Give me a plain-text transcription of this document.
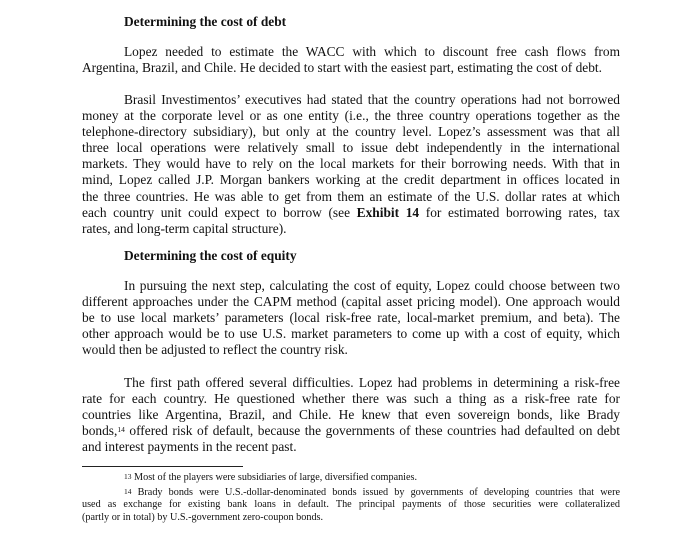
Determining the cost of debt

Lopez needed to estimate the WACC with which to discount free cash flows from
Argentina, Brazil, and Chile. He decided to start with the easiest part, estimating the cost of debt.

Brasil Investimentos’ executives had stated that the country operations had not borrowed
money at the corporate level or as one entity (i.e., the three country operations together as the
telephone-directory subsidiary), but only at the country level. Lopez’s assessment was that all
three local operations were relatively small to issue debt independently in the international
markets. They would have to rely on the local markets for their borrowing needs. With that in
mind, Lopez called J.P. Morgan bankers working at the credit department in offices located in
the three countries. He was able to get from them an estimate of the U.S. dollar rates at which
each country unit could expect to borrow (see Exhibit 14 for estimated borrowing rates, tax
rates, and long-term capital structure).

Determining the cost of equity

In pursuing the next step, calculating the cost of equity, Lopez could choose between two
different approaches under the CAPM method (capital asset pricing model). One approach would
be to use local markets’ parameters (local risk-free rate, local-market premium, and beta). The
other approach would be to use U.S. market parameters to come up with a cost of equity, which
would then be adjusted to reflect the country risk.

The first path offered several difficulties. Lopez had problems in determining a risk-free
rate for each country. He questioned whether there was such a thing as a risk-free rate for
countries like Argentina, Brazil, and Chile. He knew that even sovereign bonds, like Brady
bonds,$^{14}$ offered risk of default, because the governments of these countries had defaulted on debt
and interest payments in the recent past.

$^{13}$ Most of the players were subsidiaries of large, diversified companies.

$^{14}$ Brady bonds were U.S.-dollar-denominated bonds issued by governments of developing countries that were
used as exchange for existing bank loans in default. The principal payments of those securities were collateralized
(partly or in total) by U.S.-government zero-coupon bonds.
